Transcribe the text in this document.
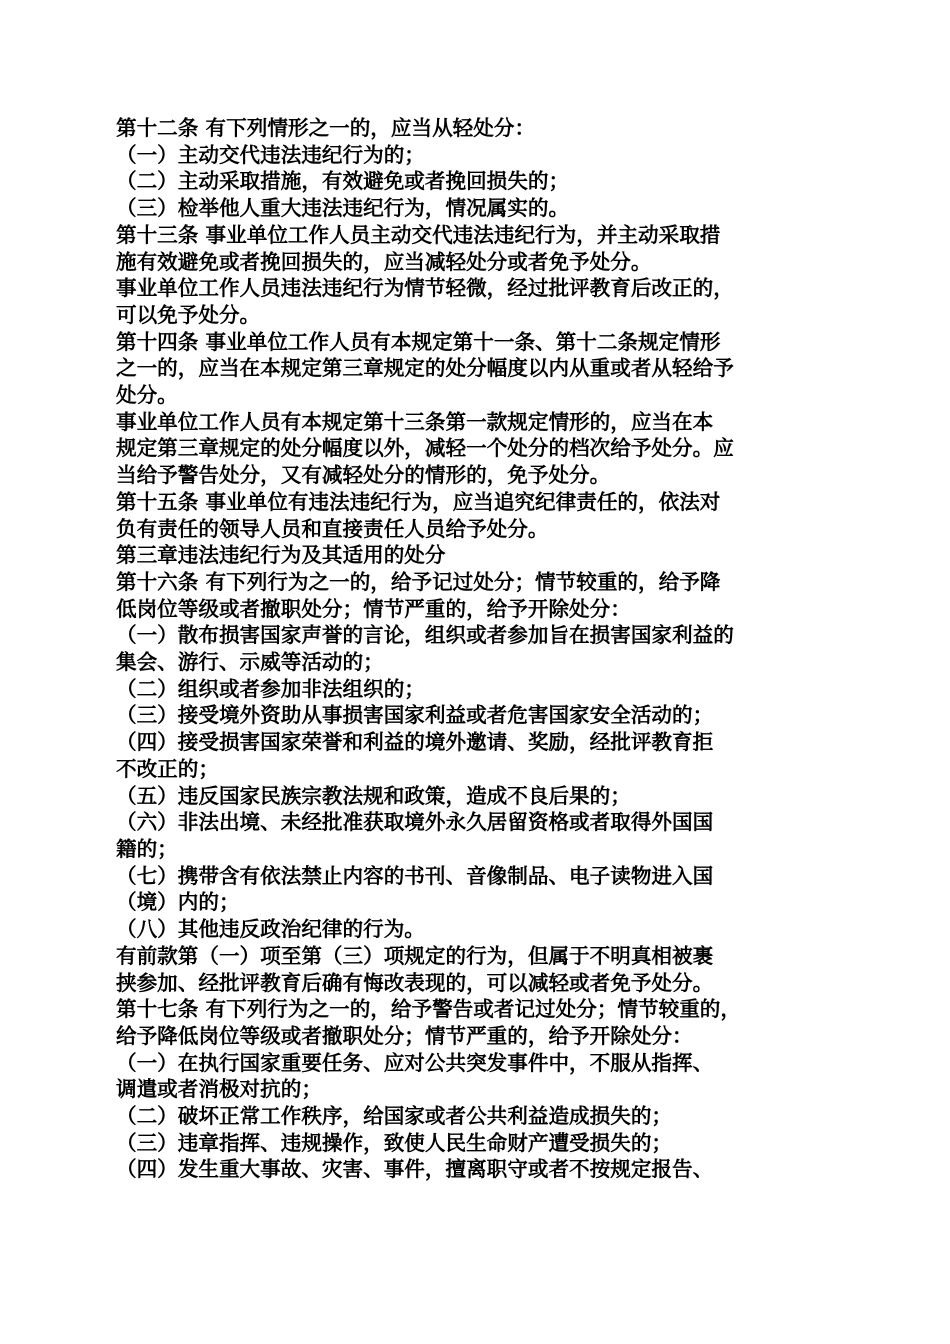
第十二条 有下列情形之一的，应当从轻处分：

（一）主动交代违法违纪行为的；

（二）主动采取措施，有效避免或者挽回损失的；

（三）检举他人重大违法违纪行为，情况属实的。

第十三条 事业单位工作人员主动交代违法违纪行为，并主动采取措

施有效避免或者挽回损失的，应当减轻处分或者免予处分。

事业单位工作人员违法违纪行为情节轻微，经过批评教育后改正的，

可以免予处分。

第十四条 事业单位工作人员有本规定第十一条、第十二条规定情形

之一的，应当在本规定第三章规定的处分幅度以内从重或者从轻给予

处分。

事业单位工作人员有本规定第十三条第一款规定情形的，应当在本

规定第三章规定的处分幅度以外，减轻一个处分的档次给予处分。应

当给予警告处分，又有减轻处分的情形的，免予处分。

第十五条 事业单位有违法违纪行为，应当追究纪律责任的，依法对

负有责任的领导人员和直接责任人员给予处分。

第三章违法违纪行为及其适用的处分

第十六条 有下列行为之一的，给予记过处分；情节较重的，给予降

低岗位等级或者撤职处分；情节严重的，给予开除处分：

（一）散布损害国家声誉的言论，组织或者参加旨在损害国家利益的

集会、游行、示威等活动的；

（二）组织或者参加非法组织的；

（三）接受境外资助从事损害国家利益或者危害国家安全活动的；

（四）接受损害国家荣誉和利益的境外邀请、奖励，经批评教育拒

不改正的；

（五）违反国家民族宗教法规和政策，造成不良后果的；

（六）非法出境、未经批准获取境外永久居留资格或者取得外国国

籍的；

（七）携带含有依法禁止内容的书刊、音像制品、电子读物进入国

（境）内的；

（八）其他违反政治纪律的行为。

有前款第（一）项至第（三）项规定的行为，但属于不明真相被裹

挟参加、经批评教育后确有悔改表现的，可以减轻或者免予处分。

第十七条 有下列行为之一的，给予警告或者记过处分；情节较重的，

给予降低岗位等级或者撤职处分；情节严重的，给予开除处分：

（一）在执行国家重要任务、应对公共突发事件中，不服从指挥、

调遣或者消极对抗的；

（二）破坏正常工作秩序，给国家或者公共利益造成损失的；

（三）违章指挥、违规操作，致使人民生命财产遭受损失的；

（四）发生重大事故、灾害、事件，擅离职守或者不按规定报告、
